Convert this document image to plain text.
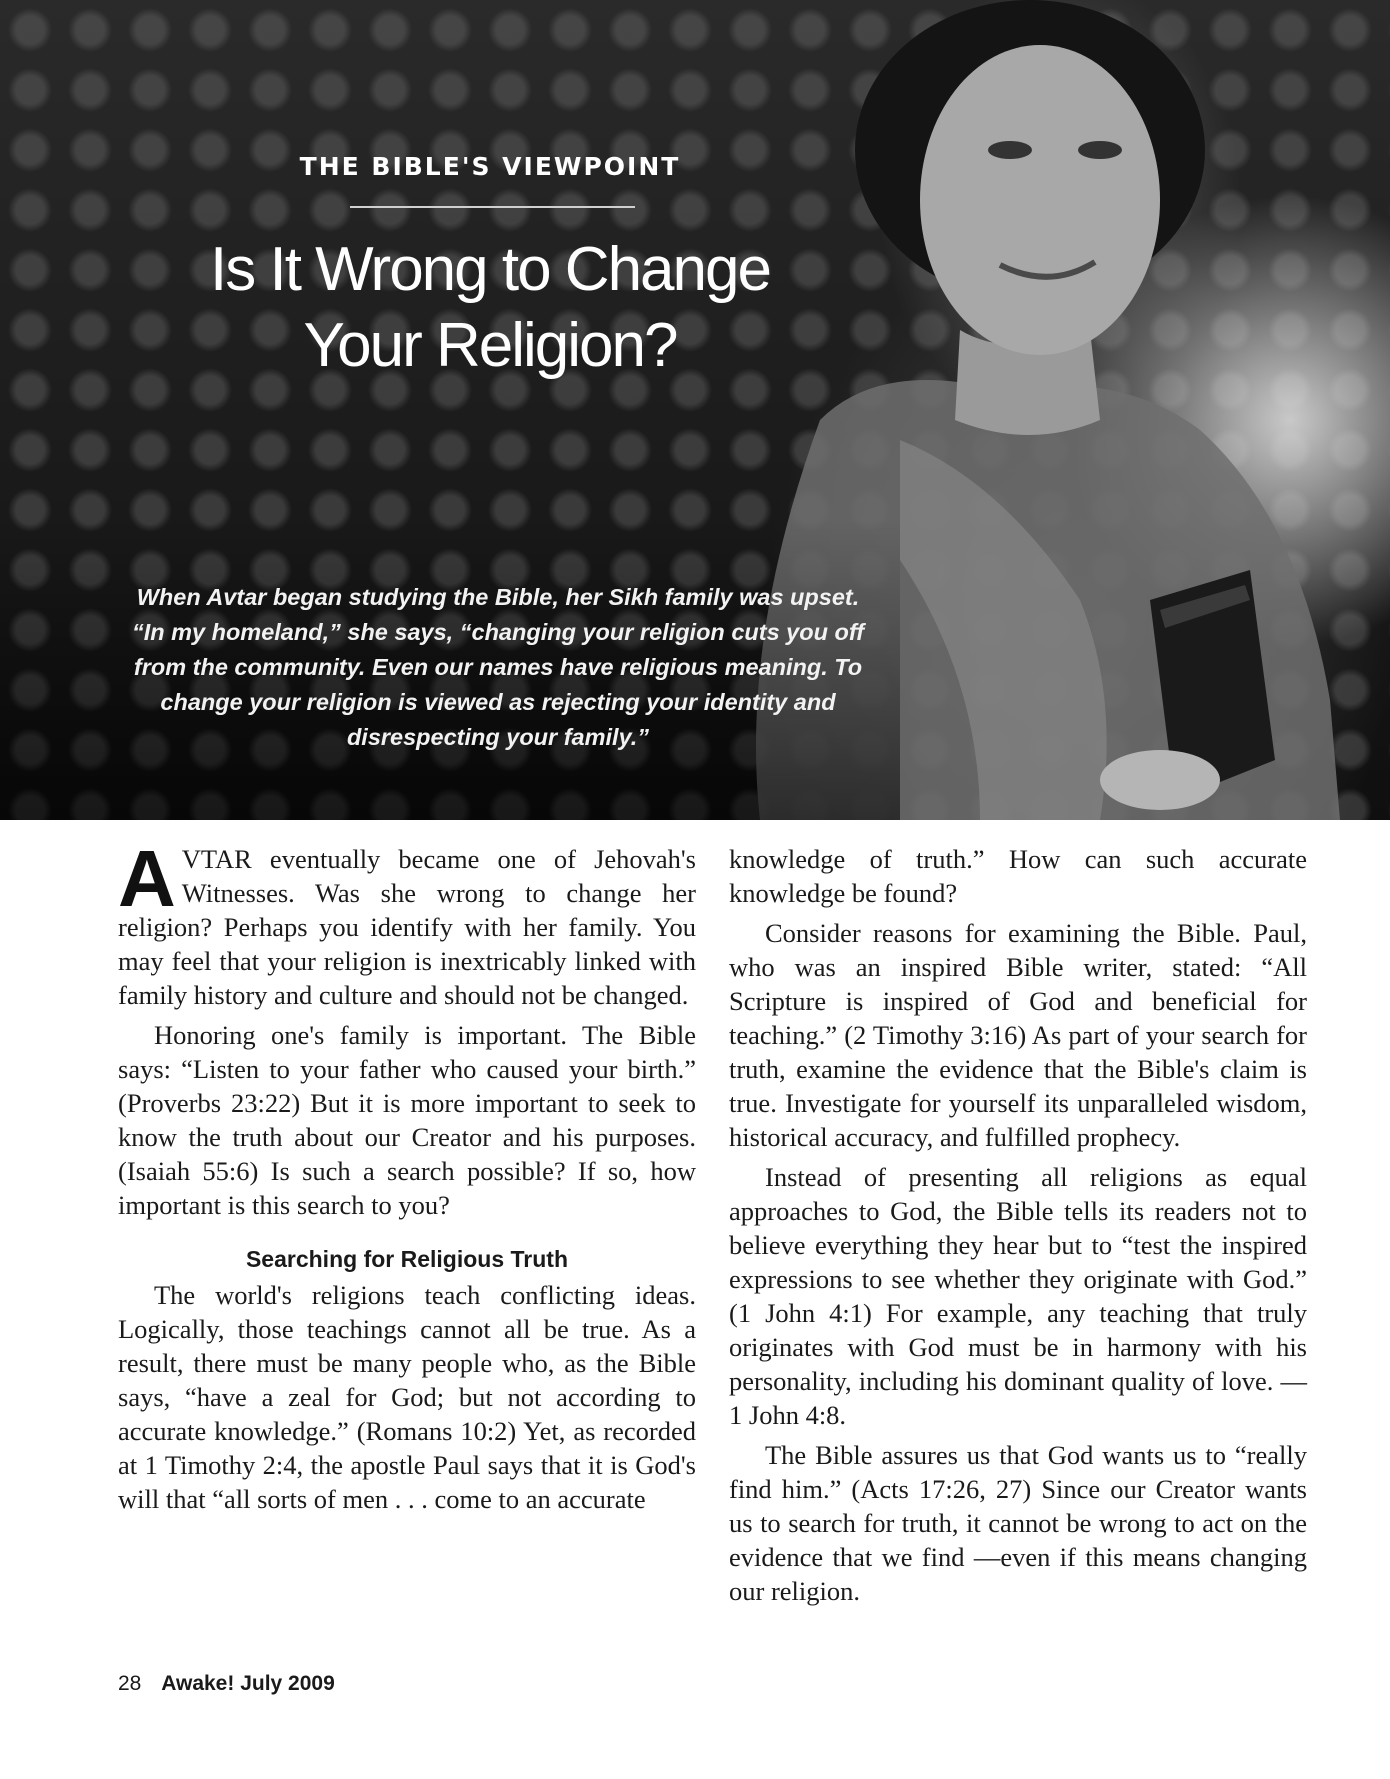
THE BIBLE'S VIEWPOINT
Is It Wrong to Change
Your Religion?

When Avtar began studying the Bible, her Sikh family was upset. “In my homeland,” she says, “changing your religion cuts you off from the community. Even our names have religious meaning. To change your religion is viewed as rejecting your identity and disrespecting your family.”

AVTAR eventually became one of Jehovah's Witnesses. Was she wrong to change her religion? Perhaps you identify with her family. You may feel that your religion is inextricably linked with family history and culture and should not be changed.

Honoring one's family is important. The Bible says: “Listen to your father who caused your birth.” (Proverbs 23:22) But it is more important to seek to know the truth about our Creator and his purposes. (Isaiah 55:6) Is such a search possible? If so, how important is this search to you?

Searching for Religious Truth

The world's religions teach conflicting ideas. Logically, those teachings cannot all be true. As a result, there must be many people who, as the Bible says, “have a zeal for God; but not according to accurate knowledge.” (Romans 10:2) Yet, as recorded at 1 Timothy 2:4, the apostle Paul says that it is God's will that “all sorts of men . . . come to an accurate

knowledge of truth.” How can such accurate knowledge be found?

Consider reasons for examining the Bible. Paul, who was an inspired Bible writer, stated: “All Scripture is inspired of God and beneficial for teaching.” (2 Timothy 3:16) As part of your search for truth, examine the evidence that the Bible's claim is true. Investigate for yourself its unparalleled wisdom, historical accuracy, and fulfilled prophecy.

Instead of presenting all religions as equal approaches to God, the Bible tells its readers not to believe everything they hear but to “test the inspired expressions to see whether they originate with God.” (1 John 4:1) For example, any teaching that truly originates with God must be in harmony with his personality, including his dominant quality of love. —1 John 4:8.

The Bible assures us that God wants us to “really find him.” (Acts 17:26, 27) Since our Creator wants us to search for truth, it cannot be wrong to act on the evidence that we find —even if this means changing our religion.

28 Awake! July 2009
